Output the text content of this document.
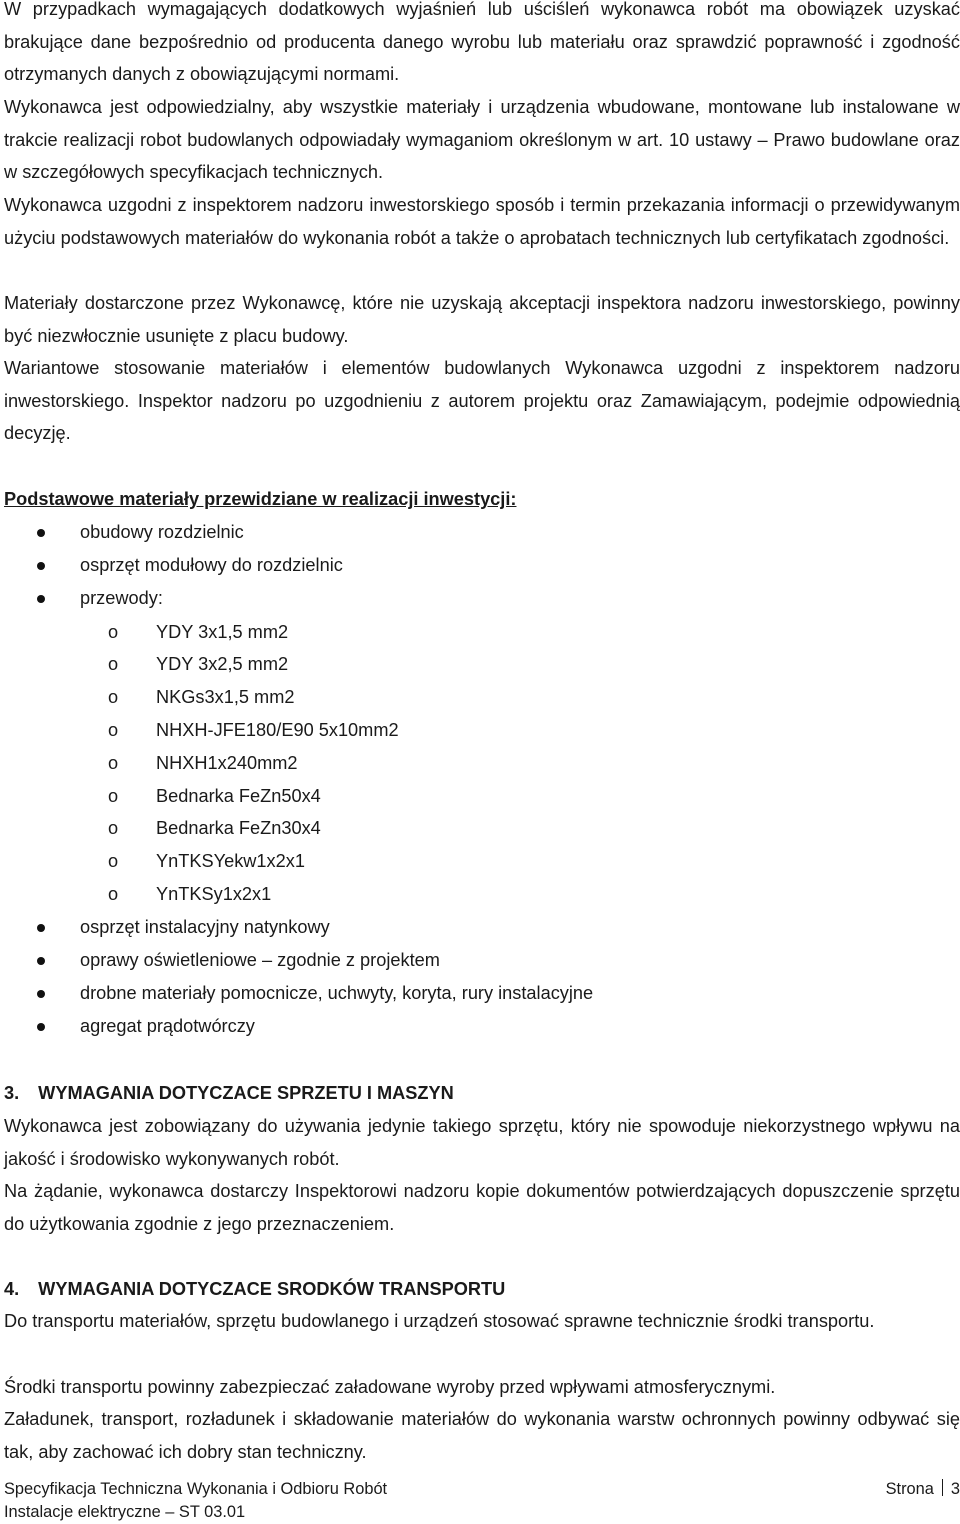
W przypadkach wymagających dodatkowych wyjaśnień lub uściśleń wykonawca robót ma obowiązek uzyskać brakujące dane bezpośrednio od producenta danego wyrobu lub materiału oraz sprawdzić poprawność i zgodność otrzymanych danych z obowiązującymi normami.

Wykonawca jest odpowiedzialny, aby wszystkie materiały i urządzenia wbudowane, montowane lub instalowane w trakcie realizacji robot budowlanych odpowiadały wymaganiom określonym w art. 10 ustawy – Prawo budowlane oraz w szczegółowych specyfikacjach technicznych.

Wykonawca uzgodni z inspektorem nadzoru inwestorskiego sposób i termin przekazania informacji o przewidywanym użyciu podstawowych materiałów do wykonania robót a także o aprobatach technicznych lub certyfikatach zgodności.

Materiały dostarczone przez Wykonawcę, które nie uzyskają akceptacji inspektora nadzoru inwestorskiego, powinny być niezwłocznie usunięte z placu budowy.

Wariantowe stosowanie materiałów i elementów budowlanych Wykonawca uzgodni z inspektorem nadzoru inwestorskiego. Inspektor nadzoru po uzgodnieniu z autorem projektu oraz Zamawiającym, podejmie odpowiednią decyzję.

Podstawowe materiały przewidziane w realizacji inwestycji:

obudowy rozdzielnic
osprzęt modułowy do rozdzielnic
przewody:
o YDY 3x1,5 mm2
o YDY 3x2,5 mm2
o NKGs3x1,5 mm2
o NHXH-JFE180/E90 5x10mm2
o NHXH1x240mm2
o Bednarka FeZn50x4
o Bednarka FeZn30x4
o YnTKSYekw1x2x1
o YnTKSy1x2x1
osprzęt instalacyjny natynkowy
oprawy oświetleniowe – zgodnie z projektem
drobne materiały pomocnicze, uchwyty, koryta, rury instalacyjne
agregat prądotwórczy

3. WYMAGANIA DOTYCZACE SPRZETU I MASZYN

Wykonawca jest zobowiązany do używania jedynie takiego sprzętu, który nie spowoduje niekorzystnego wpływu na jakość i środowisko wykonywanych robót.

Na żądanie, wykonawca dostarczy Inspektorowi nadzoru kopie dokumentów potwierdzających dopuszczenie sprzętu do użytkowania zgodnie z jego przeznaczeniem.

4. WYMAGANIA DOTYCZACE SRODKÓW TRANSPORTU

Do transportu materiałów, sprzętu budowlanego i urządzeń stosować sprawne technicznie środki transportu.

Środki transportu powinny zabezpieczać załadowane wyroby przed wpływami atmosferycznymi.

Załadunek, transport, rozładunek i składowanie materiałów do wykonania warstw ochronnych powinny odbywać się tak, aby zachować ich dobry stan techniczny.

Specyfikacja Techniczna Wykonania i Odbioru Robót	Strona 3
Instalacje elektryczne – ST 03.01
